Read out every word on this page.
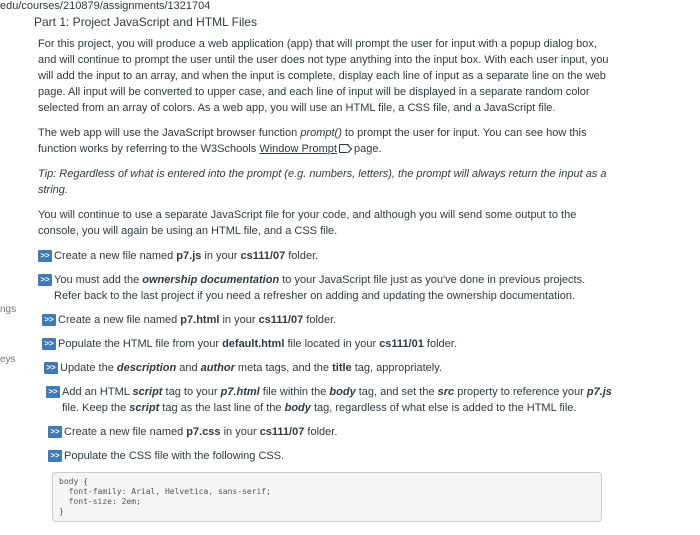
edu/courses/210879/assignments/1321704
ngs
eys
Part 1: Project JavaScript and HTML Files

For this project, you will produce a web application (app) that will prompt the user for input with a popup dialog box, and will continue to prompt the user until the user does not type anything into the input box. With each user input, you will add the input to an array, and when the input is complete, display each line of input as a separate line on the web page. All input will be converted to upper case, and each line of input will be displayed in a separate random color selected from an array of colors. As a web app, you will use an HTML file, a CSS file, and a JavaScript file.

The web app will use the JavaScript browser function prompt() to prompt the user for input. You can see how this function works by referring to the W3Schools Window Prompt page.

Tip: Regardless of what is entered into the prompt (e.g. numbers, letters), the prompt will always return the input as a string.

You will continue to use a separate JavaScript file for your code, and although you will send some output to the console, you will again be using an HTML file, and a CSS file.

>> Create a new file named p7.js in your cs111/07 folder.
>> You must add the ownership documentation to your JavaScript file just as you've done in previous projects. Refer back to the last project if you need a refresher on adding and updating the ownership documentation.
>> Create a new file named p7.html in your cs111/07 folder.
>> Populate the HTML file from your default.html file located in your cs111/01 folder.
>> Update the description and author meta tags, and the title tag, appropriately.
>> Add an HTML script tag to your p7.html file within the body tag, and set the src property to reference your p7.js file. Keep the script tag as the last line of the body tag, regardless of what else is added to the HTML file.
>> Create a new file named p7.css in your cs111/07 folder.
>> Populate the CSS file with the following CSS.
body {
font-family: Arial, Helvetica, sans-serif;
font-size: 2em;
}
